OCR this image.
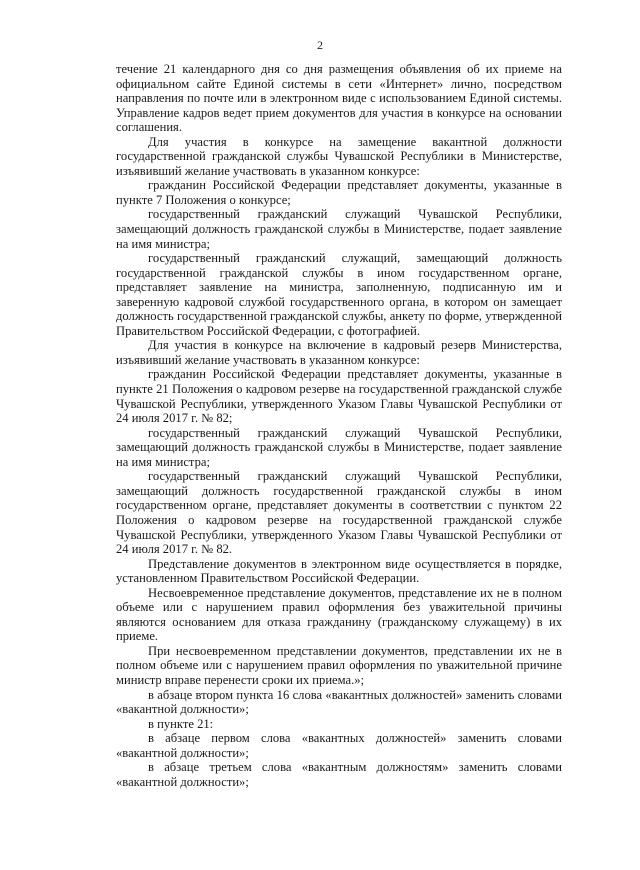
2

течение 21 календарного дня со дня размещения объявления об их приеме на официальном сайте Единой системы в сети «Интернет» лично, посредством направления по почте или в электронном виде с использованием Единой системы. Управление кадров ведет прием документов для участия в конкурсе на основании соглашения.

Для участия в конкурсе на замещение вакантной должности государственной гражданской службы Чувашской Республики в Министерстве, изъявивший желание участвовать в указанном конкурсе:

гражданин Российской Федерации представляет документы, указанные в пункте 7 Положения о конкурсе;

государственный гражданский служащий Чувашской Республики, замещающий должность гражданской службы в Министерстве, подает заявление на имя министра;

государственный гражданский служащий, замещающий должность государственной гражданской службы в ином государственном органе, представляет заявление на министра, заполненную, подписанную им и заверенную кадровой службой государственного органа, в котором он замещает должность государственной гражданской службы, анкету по форме, утвержденной Правительством Российской Федерации, с фотографией.

Для участия в конкурсе на включение в кадровый резерв Министерства, изъявивший желание участвовать в указанном конкурсе:

гражданин Российской Федерации представляет документы, указанные в пункте 21 Положения о кадровом резерве на государственной гражданской службе Чувашской Республики, утвержденного Указом Главы Чувашской Республики от 24 июля 2017 г. № 82;

государственный гражданский служащий Чувашской Республики, замещающий должность гражданской службы в Министерстве, подает заявление на имя министра;

государственный гражданский служащий Чувашской Республики, замещающий должность государственной гражданской службы в ином государственном органе, представляет документы в соответствии с пунктом 22 Положения о кадровом резерве на государственной гражданской службе Чувашской Республики, утвержденного Указом Главы Чувашской Республики от 24 июля 2017 г. № 82.

Представление документов в электронном виде осуществляется в порядке, установленном Правительством Российской Федерации.

Несвоевременное представление документов, представление их не в полном объеме или с нарушением правил оформления без уважительной причины являются основанием для отказа гражданину (гражданскому служащему) в их приеме.

При несвоевременном представлении документов, представлении их не в полном объеме или с нарушением правил оформления по уважительной причине министр вправе перенести сроки их приема.»;

в абзаце втором пункта 16 слова «вакантных должностей» заменить словами «вакантной должности»;

в пункте 21:

в абзаце первом слова «вакантных должностей» заменить словами «вакантной должности»;

в абзаце третьем слова «вакантным должностям» заменить словами «вакантной должности»;
